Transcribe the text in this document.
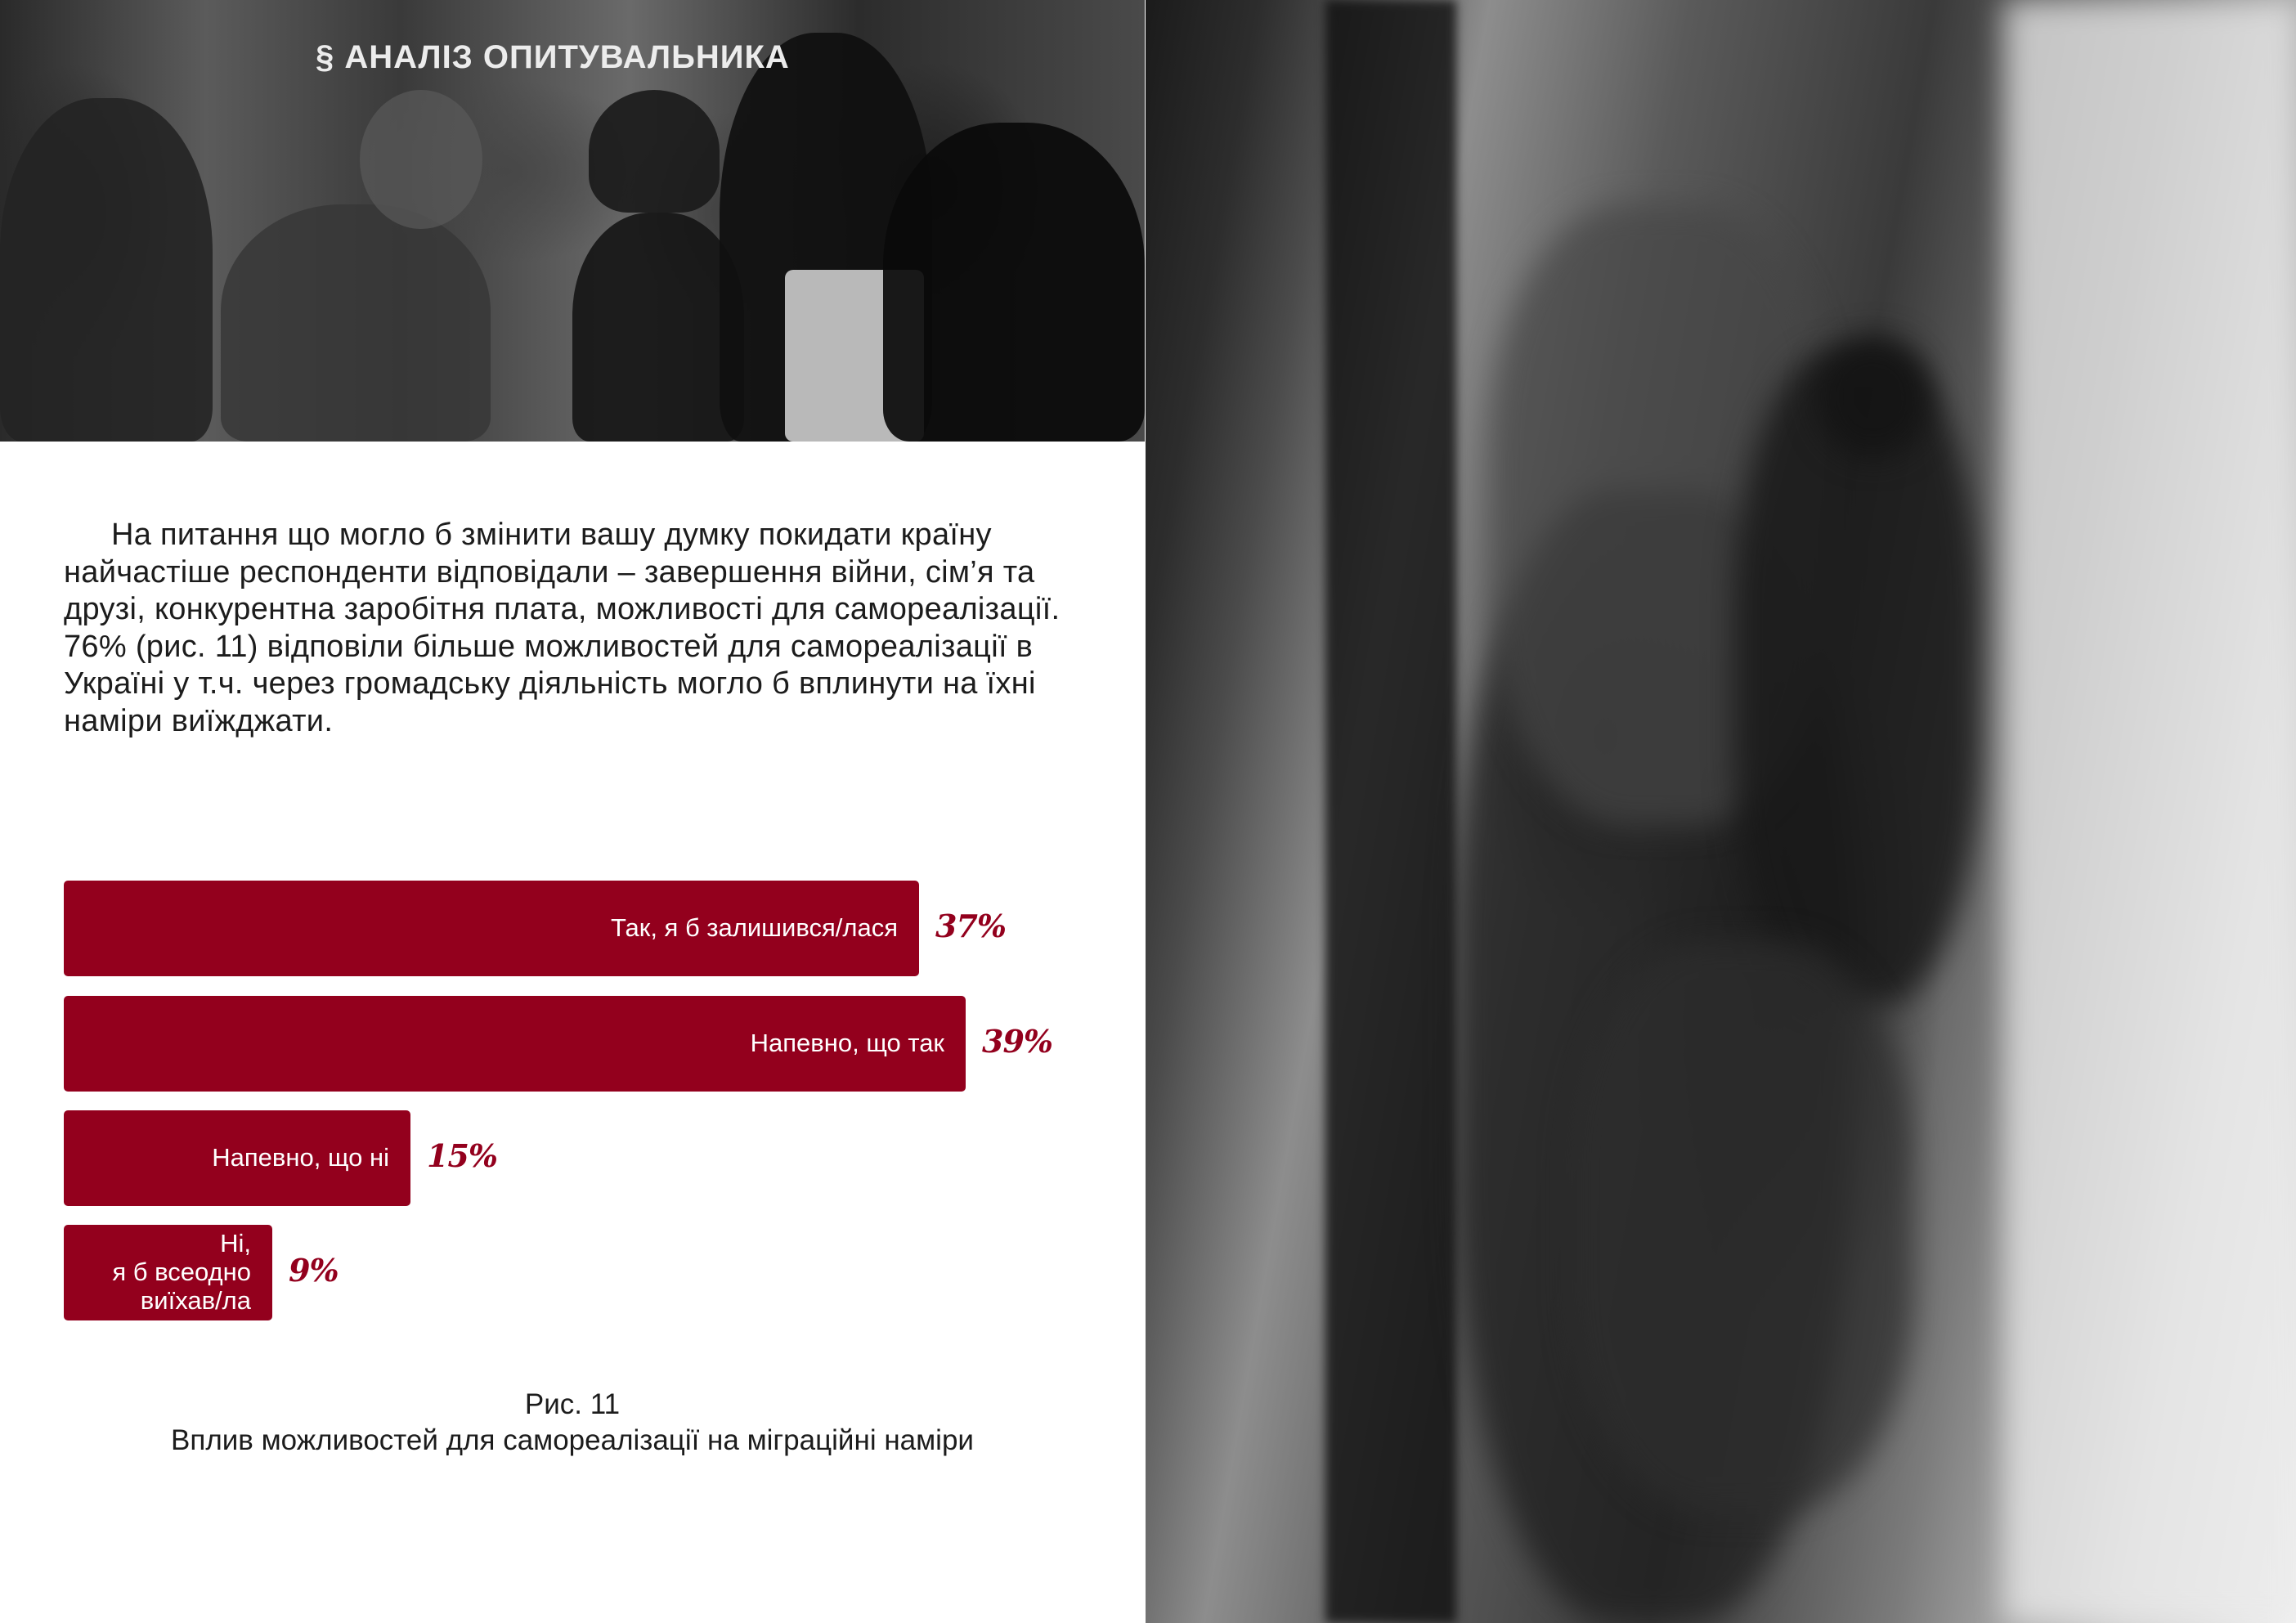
§ АНАЛІЗ ОПИТУВАЛЬНИКА

На питання що могло б змінити вашу думку покидати країну найчастіше респонденти відповідали – завершення війни, сім’я та друзі, конкурентна заробітня плата, можливості для самореалізації. 76% (рис. 11) відповіли більше можливостей для самореалізації в Україні у т.ч. через громадську діяльність могло б вплинути на їхні наміри виїжджати.

Так, я б залишився/лася 37%
Напевно, що так 39%
Напевно, що ні 15%
Ні,
я б всеодно
виїхав/ла
9%
Рис. 11
Вплив можливостей для самореалізації на міграційні наміри
